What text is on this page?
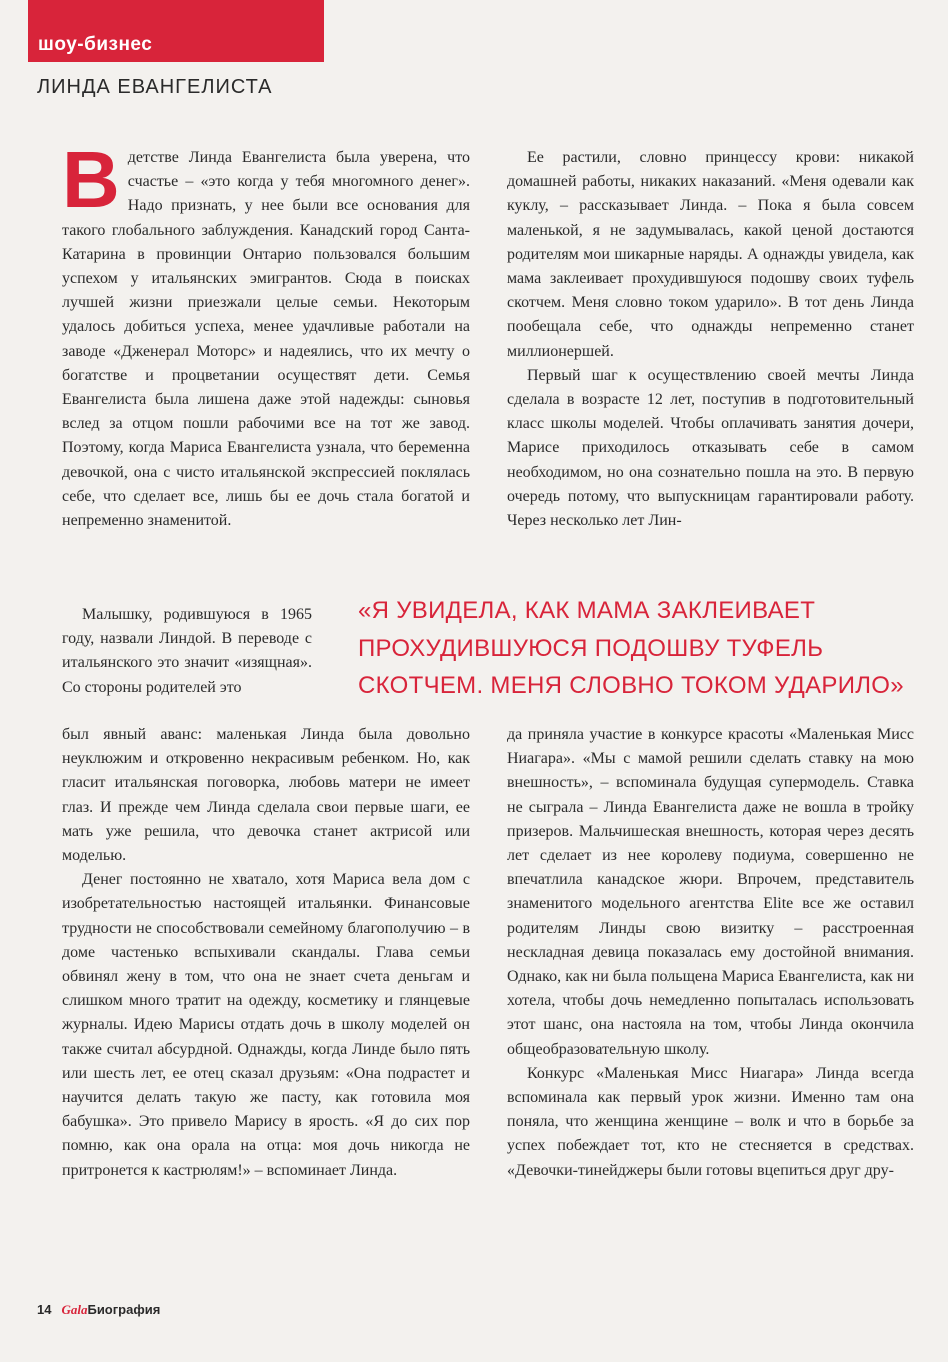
шоу-бизнес
ЛИНДА ЕВАНГЕЛИСТА

Вдетстве Линда Евангелиста была уверена, что счастье – «это когда у тебя многомного денег». Надо признать, у нее были все основания для такого глобального заблуждения. Канадский город Санта-Катарина в провинции Онтарио пользовался большим успехом у итальянских эмигрантов. Сюда в поисках лучшей жизни приезжали целые семьи. Некоторым удалось добиться успеха, менее удачливые работали на заводе «Дженерал Моторс» и надеялись, что их мечту о богатстве и процветании осуществят дети. Семья Евангелиста была лишена даже этой надежды: сыновья вслед за отцом пошли рабочими все на тот же завод. Поэтому, когда Мариса Евангелиста узнала, что беременна девочкой, она с чисто итальянской экспрессией поклялась себе, что сделает все, лишь бы ее дочь стала богатой и непременно знаменитой.

Малышку, родившуюся в 1965 году, назвали Линдой. В переводе с итальянского это значит «изящная». Со стороны родителей это

был явный аванс: маленькая Линда была довольно неуклюжим и откровенно некрасивым ребенком. Но, как гласит итальянская поговорка, любовь матери не имеет глаз. И прежде чем Линда сделала свои первые шаги, ее мать уже решила, что девочка станет актрисой или моделью.

Денег постоянно не хватало, хотя Мариса вела дом с изобретательностью настоящей итальянки. Финансовые трудности не способствовали семейному благополучию – в доме частенько вспыхивали скандалы. Глава семьи обвинял жену в том, что она не знает счета деньгам и слишком много тратит на одежду, косметику и глянцевые журналы. Идею Марисы отдать дочь в школу моделей он также считал абсурдной. Однажды, когда Линде было пять или шесть лет, ее отец сказал друзьям: «Она подрастет и научится делать такую же пасту, как готовила моя бабушка». Это привело Марису в ярость. «Я до сих пор помню, как она орала на отца: моя дочь никогда не притронется к кастрюлям!» – вспоминает Линда.

Ее растили, словно принцессу крови: никакой домашней работы, никаких наказаний. «Меня одевали как куклу, – рассказывает Линда. – Пока я была совсем маленькой, я не задумывалась, какой ценой достаются родителям мои шикарные наряды. А однажды увидела, как мама заклеивает прохудившуюся подошву своих туфель скотчем. Меня словно током ударило». В тот день Линда пообещала себе, что однажды непременно станет миллионершей.

Первый шаг к осуществлению своей мечты Линда сделала в возрасте 12 лет, поступив в подготовительный класс школы моделей. Чтобы оплачивать занятия дочери, Марисе приходилось отказывать себе в самом необходимом, но она сознательно пошла на это. В первую очередь потому, что выпускницам гарантировали работу. Через несколько лет Лин-

«Я УВИДЕЛА, КАК МАМА ЗАКЛЕИВАЕТ ПРОХУДИВШУЮСЯ ПОДОШВУ ТУФЕЛЬ СКОТЧЕМ. МЕНЯ СЛОВНО ТОКОМ УДАРИЛО»

да приняла участие в конкурсе красоты «Маленькая Мисс Ниагара». «Мы с мамой решили сделать ставку на мою внешность», – вспоминала будущая супермодель. Ставка не сыграла – Линда Евангелиста даже не вошла в тройку призеров. Мальчишеская внешность, которая через десять лет сделает из нее королеву подиума, совершенно не впечатлила канадское жюри. Впрочем, представитель знаменитого модельного агентства Elite все же оставил родителям Линды свою визитку – расстроенная нескладная девица показалась ему достойной внимания. Однако, как ни была польщена Мариса Евангелиста, как ни хотела, чтобы дочь немедленно попыталась использовать этот шанс, она настояла на том, чтобы Линда окончила общеобразовательную школу.

Конкурс «Маленькая Мисс Ниагара» Линда всегда вспоминала как первый урок жизни. Именно там она поняла, что женщина женщине – волк и что в борьбе за успех побеждает тот, кто не стесняется в средствах. «Девочки-тинейджеры были готовы вцепиться друг дру-

14 GalaБиография
